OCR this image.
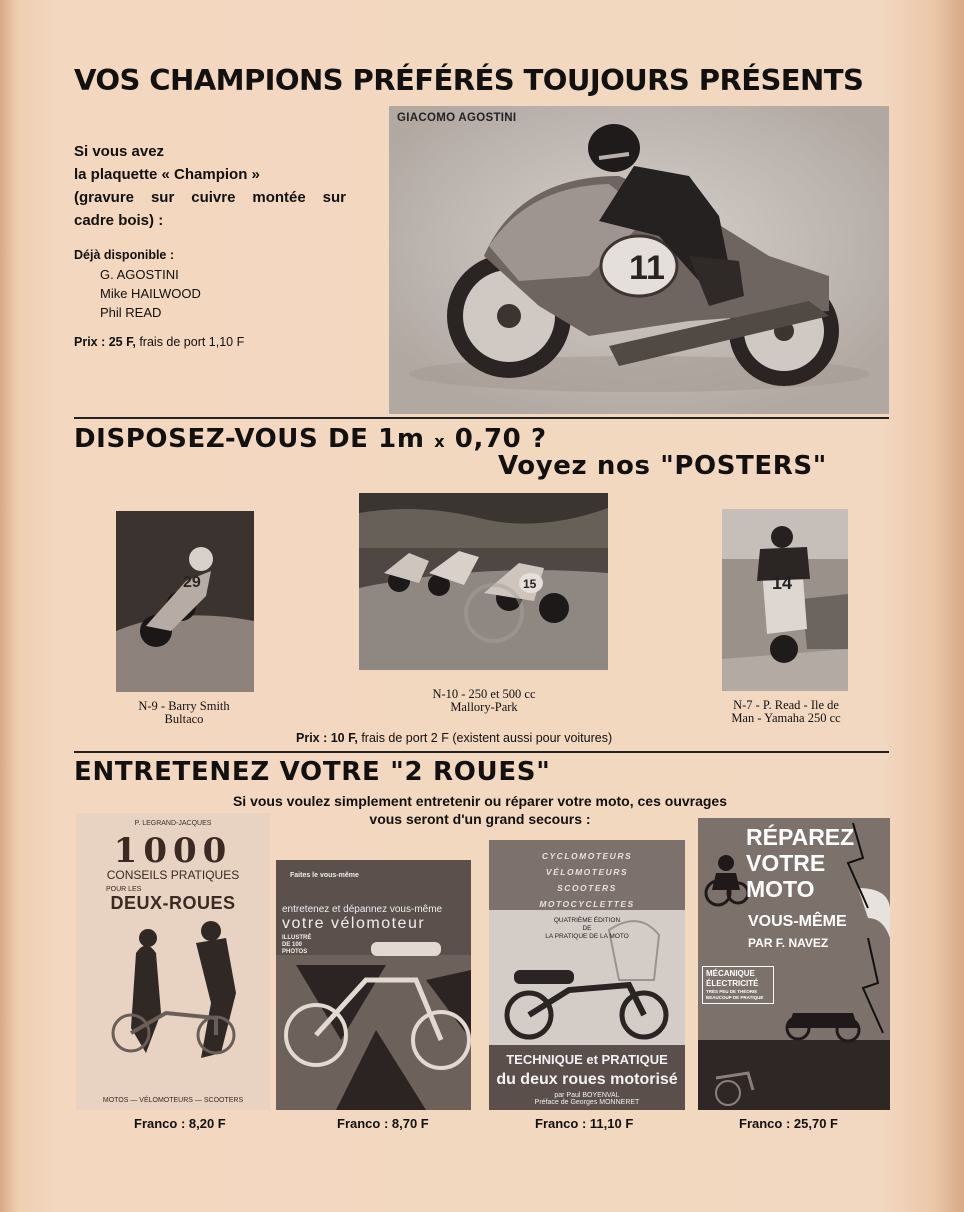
VOS CHAMPIONS PRÉFÉRÉS TOUJOURS PRÉSENTS
Si vous avez
la plaquette « Champion »
(gravure sur cuivre montée sur
cadre bois) :
Déjà disponible :
G. AGOSTINI
Mike HAILWOOD
Phil READ
Prix : 25 F, frais de port 1,10 F
11
GIACOMO AGOSTINI
DISPOSEZ-VOUS DE 1m x 0,70 ?
Voyez nos "POSTERS"
29	15	14
N-9 - Barry Smith
Bultaco
N-10 - 250 et 500 cc
Mallory-Park	N-7 - P. Read - Ile de
Man - Yamaha 250 cc
Prix : 10 F, frais de port 2 F (existent aussi pour voitures)
ENTRETENEZ VOTRE "2 ROUES"
Si vous voulez simplement entretenir ou réparer votre moto, ces ouvrages
vous seront d'un grand secours :
P. LEGRAND-JACQUES
1000
CONSEILS PRATIQUES
POUR LES
DEUX-ROUES
MOTOS — VÉLOMOTEURS — SCOOTERS
Faites le vous-même
entretenez et dépannez vous-même
votre vélomoteur
ILLUSTRÉ DE 100 PHOTOS
CYCLOMOTEURS
VÉLOMOTEURS
SCOOTERS
MOTOCYCLETTES
QUATRIÈME ÉDITION
DE
LA PRATIQUE DE LA MOTO
TECHNIQUE et PRATIQUE
du deux roues motorisé
par Paul BOYENVAL
Préface de Georges MONNERET
RÉPAREZ
VOTRE
MOTO
VOUS-MÊME
PAR F. NAVEZ
MÉCANIQUE
ÉLECTRICITÉ
TRÈS PEU DE THÉORIE
BEAUCOUP DE PRATIQUE
Franco : 8,20 F	Franco : 8,70 F	Franco : 11,10 F	Franco : 25,70 F
